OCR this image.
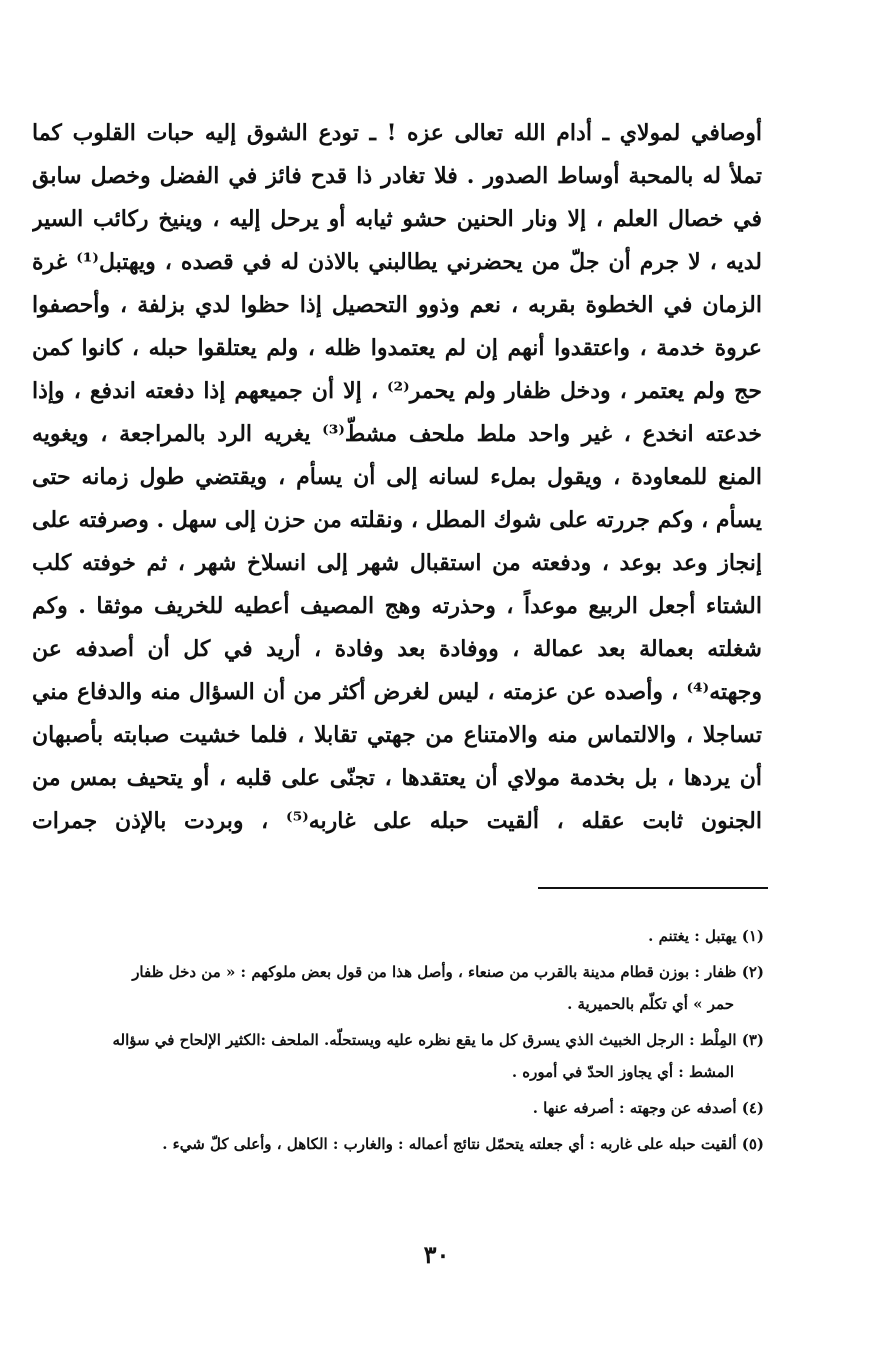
أوصافي لمولاي ـ أدام الله تعالى عزه ! ـ تودع الشوق إليه حبات القلوب كما
تملأ له بالمحبة أوساط الصدور . فلا تغادر ذا قدح فائز في الفضل وخصل سابق
في خصال العلم ، إلا ونار الحنين حشو ثيابه أو يرحل إليه ، وينيخ ركائب السير
لديه ، لا جرم أن جلّ من يحضرني يطالبني بالاذن له في قصده ، ويهتبل⁽¹⁾ غرة
الزمان في الخطوة بقربه ، نعم وذوو التحصيل إذا حظوا لدي بزلفة ، وأحصفوا
عروة خدمة ، واعتقدوا أنهم إن لم يعتمدوا ظله ، ولم يعتلقوا حبله ، كانوا كمن
حج ولم يعتمر ، ودخل ظفار ولم يحمر⁽²⁾ ، إلا أن جميعهم إذا دفعته اندفع ، وإذا
خدعته انخدع ، غير واحد ملط ملحف مشطّ⁽³⁾ يغريه الرد بالمراجعة ، ويغويه
المنع للمعاودة ، ويقول بملء لسانه إلى أن يسأم ، ويقتضي طول زمانه حتى
يسأم ، وكم جررته على شوك المطل ، ونقلته من حزن إلى سهل . وصرفته على
إنجاز وعد بوعد ، ودفعته من استقبال شهر إلى انسلاخ شهر ، ثم خوفته كلب
الشتاء أجعل الربيع موعداً ، وحذرته وهج المصيف أعطيه للخريف موثقا . وكم
شغلته بعمالة بعد عمالة ، ووفادة بعد وفادة ، أريد في كل أن أصدفه عن
وجهته⁽⁴⁾ ، وأصده عن عزمته ، ليس لغرض أكثر من أن السؤال منه والدفاع مني
تساجلا ، والالتماس منه والامتناع من جهتي تقابلا ، فلما خشيت صبابته بأصبهان
أن يردها ، بل بخدمة مولاي أن يعتقدها ، تجنّى على قلبه ، أو يتحيف بمس من
الجنون ثابت عقله ، ألقيت حبله على غاربه⁽⁵⁾ ، وبردت بالإذن جمرات
(١) يهتبل : يغتنم .
(٢) ظفار : بوزن قطام مدينة بالقرب من صنعاء ، وأصل هذا من قول بعض ملوكهم : « من دخل ظفار
حمر » أي تكلّم بالحميرية .
(٣) المِلْط : الرجل الخبيث الذي يسرق كل ما يقع نظره عليه ويستحلّه. الملحف :الكثير الإلحاح في سؤاله
المشط : أي يجاوز الحدّ في أموره .
(٤) أصدفه عن وجهته : أصرفه عنها .
(٥) ألقيت حبله على غاربه : أي جعلته يتحمّل نتائج أعماله : والغارب : الكاهل ، وأعلى كلّ شيء .
٣٠
